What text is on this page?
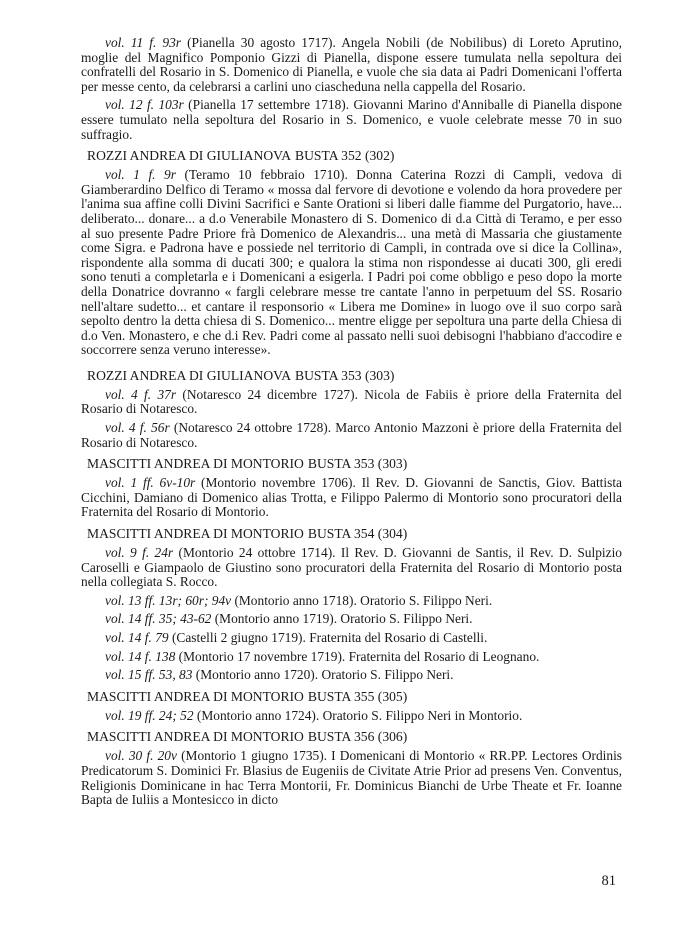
vol. 11 f. 93r (Pianella 30 agosto 1717). Angela Nobili (de Nobilibus) di Loreto Aprutino, moglie del Magnifico Pomponio Gizzi di Pianella, dispone essere tumulata nella sepoltura dei confratelli del Rosario in S. Domenico di Pianella, e vuole che sia data ai Padri Domenicani l'offerta per messe cento, da celebrarsi a carlini uno ciascheduna nella cappella del Rosario.

vol. 12 f. 103r (Pianella 17 settembre 1718). Giovanni Marino d'Anniballe di Pianella dispone essere tumulato nella sepoltura del Rosario in S. Domenico, e vuole celebrate messe 70 in suo suffragio.

ROZZI ANDREA DI GIULIANOVA BUSTA 352 (302)

vol. 1 f. 9r (Teramo 10 febbraio 1710). Donna Caterina Rozzi di Campli, vedova di Giamberardino Delfico di Teramo « mossa dal fervore di devotione e volendo da hora provedere per l'anima sua affine colli Divini Sacrifici e Sante Orationi si liberi dalle fiamme del Purgatorio, have... deliberato... donare... a d.o Venerabile Monastero di S. Domenico di d.a Città di Teramo, e per esso al suo presente Padre Priore frà Domenico de Alexandris... una metà di Massaria che giustamente come Sigra. e Padrona have e possiede nel territorio di Campli, in contrada ove si dice la Collina», rispondente alla somma di ducati 300; e qualora la stima non rispondesse ai ducati 300, gli eredi sono tenuti a completarla e i Domenicani a esigerla. I Padri poi come obbligo e peso dopo la morte della Donatrice dovranno « fargli celebrare messe tre cantate l'anno in perpetuum del SS. Rosario nell'altare sudetto... et cantare il responsorio « Libera me Domine» in luogo ove il suo corpo sarà sepolto dentro la detta chiesa di S. Domenico... mentre eligge per sepoltura una parte della Chiesa di d.o Ven. Monastero, e che d.i Rev. Padri come al passato nelli suoi debisogni l'habbiano d'accodire e soccorrere senza veruno interesse».

ROZZI ANDREA DI GIULIANOVA BUSTA 353 (303)

vol. 4 f. 37r (Notaresco 24 dicembre 1727). Nicola de Fabiis è priore della Fraternita del Rosario di Notaresco.

vol. 4 f. 56r (Notaresco 24 ottobre 1728). Marco Antonio Mazzoni è priore della Fraternita del Rosario di Notaresco.

MASCITTI ANDREA DI MONTORIO BUSTA 353 (303)

vol. 1 ff. 6v-10r (Montorio novembre 1706). Il Rev. D. Giovanni de Sanctis, Giov. Battista Cicchini, Damiano di Domenico alias Trotta, e Filippo Palermo di Montorio sono procuratori della Fraternita del Rosario di Montorio.

MASCITTI ANDREA DI MONTORIO BUSTA 354 (304)

vol. 9 f. 24r (Montorio 24 ottobre 1714). Il Rev. D. Giovanni de Santis, il Rev. D. Sulpizio Caroselli e Giampaolo de Giustino sono procuratori della Fraternita del Rosario di Montorio posta nella collegiata S. Rocco.

vol. 13 ff. 13r; 60r; 94v (Montorio anno 1718). Oratorio S. Filippo Neri.

vol. 14 ff. 35; 43-62 (Montorio anno 1719). Oratorio S. Filippo Neri.

vol. 14 f. 79 (Castelli 2 giugno 1719). Fraternita del Rosario di Castelli.

vol. 14 f. 138 (Montorio 17 novembre 1719). Fraternita del Rosario di Leognano.

vol. 15 ff. 53, 83 (Montorio anno 1720). Oratorio S. Filippo Neri.

MASCITTI ANDREA DI MONTORIO BUSTA 355 (305)

vol. 19 ff. 24; 52 (Montorio anno 1724). Oratorio S. Filippo Neri in Montorio.

MASCITTI ANDREA DI MONTORIO BUSTA 356 (306)

vol. 30 f. 20v (Montorio 1 giugno 1735). I Domenicani di Montorio « RR.PP. Lectores Ordinis Predicatorum S. Dominici Fr. Blasius de Eugeniis de Civitate Atrie Prior ad presens Ven. Conventus, Religionis Dominicane in hac Terra Montorii, Fr. Dominicus Bianchi de Urbe Theate et Fr. Ioanne Bapta de Iuliis a Montesicco in dicto

81
